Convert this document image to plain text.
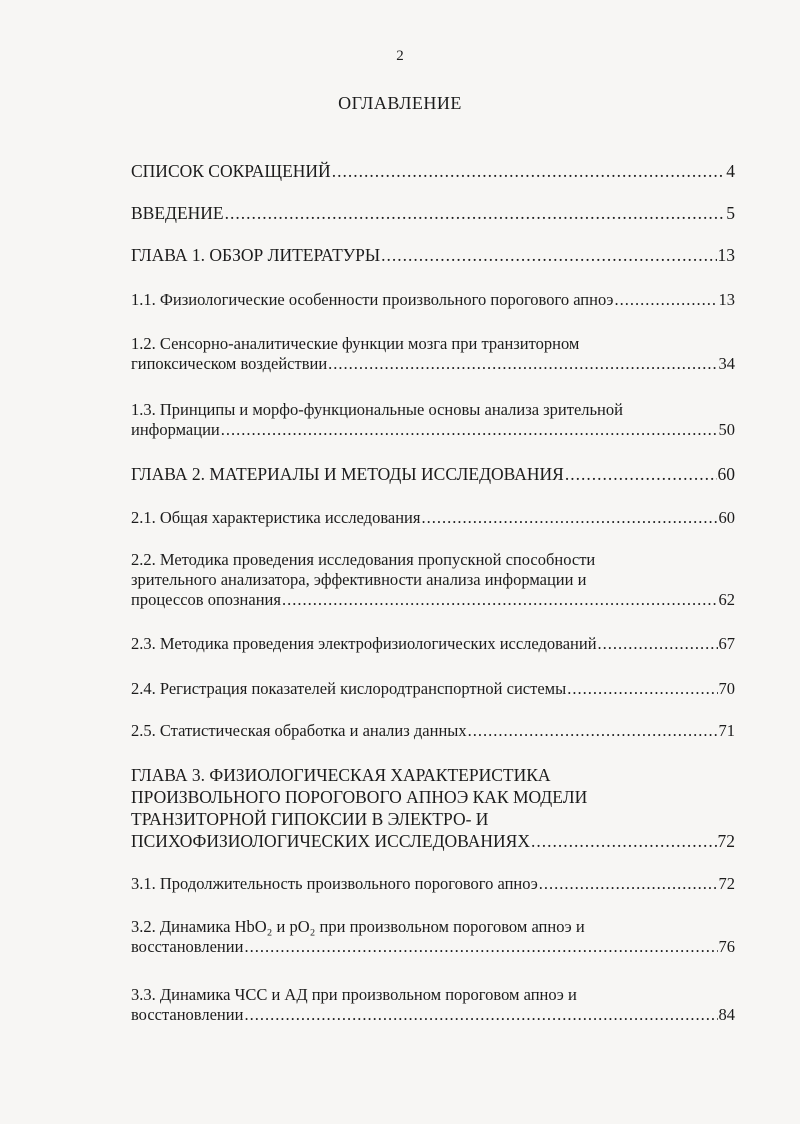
2
ОГЛАВЛЕНИЕ
СПИСОК СОКРАЩЕНИЙ .....	4
ВВЕДЕНИЕ .....	5
ГЛАВА 1. ОБЗОР ЛИТЕРАТУРЫ .....	13
1.1. Физиологические особенности произвольного порогового апноэ .....	13
1.2. Сенсорно-аналитические функции мозга при транзиторном
гипоксическом воздействии .....	34
1.3. Принципы и морфо-функциональные основы анализа зрительной
информации .....	50
ГЛАВА 2. МАТЕРИАЛЫ И МЕТОДЫ ИССЛЕДОВАНИЯ .....	60
2.1. Общая характеристика исследования .....	60
2.2. Методика проведения исследования пропускной способности
зрительного анализатора, эффективности анализа информации и
процессов опознания .....	62
2.3. Методика проведения электрофизиологических исследований .....	67
2.4. Регистрация показателей кислородтранспортной системы .....	70
2.5. Статистическая обработка и анализ данных .....	71
ГЛАВА 3. ФИЗИОЛОГИЧЕСКАЯ ХАРАКТЕРИСТИКА
ПРОИЗВОЛЬНОГО ПОРОГОВОГО АПНОЭ КАК МОДЕЛИ
ТРАНЗИТОРНОЙ ГИПОКСИИ В ЭЛЕКТРО- И
ПСИХОФИЗИОЛОГИЧЕСКИХ ИССЛЕДОВАНИЯХ .....	72
3.1. Продолжительность произвольного порогового апноэ .....	72
3.2. Динамика HbO₂ и pO₂ при произвольном пороговом апноэ и
восстановлении .....	76
3.3. Динамика ЧСС и АД при произвольном пороговом апноэ и
восстановлении .....	84
